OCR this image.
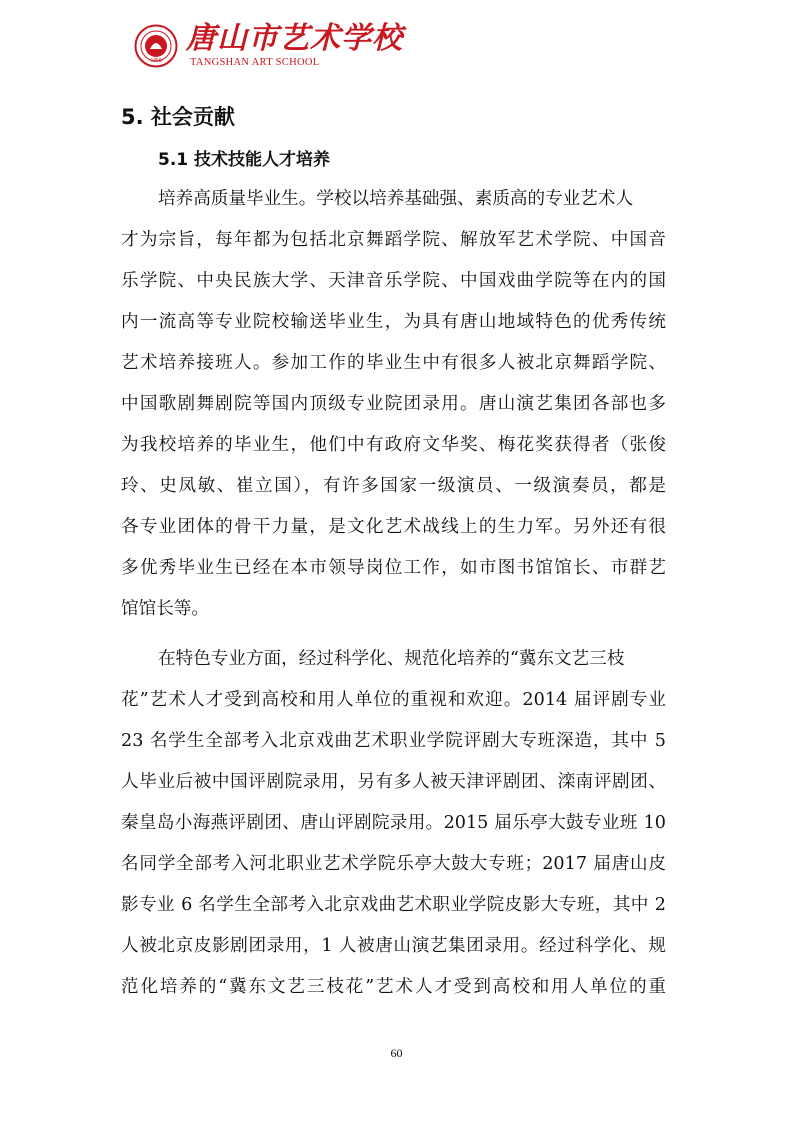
1958
唐山市艺术学校
TANGSHAN ART SCHOOL
5. 社会贡献
5.1 技术技能人才培养
培养高质量毕业生。学校以培养基础强、素质高的专业艺术人
才为宗旨，每年都为包括北京舞蹈学院、解放军艺术学院、中国音
乐学院、中央民族大学、天津音乐学院、中国戏曲学院等在内的国
内一流高等专业院校输送毕业生，为具有唐山地域特色的优秀传统
艺术培养接班人。参加工作的毕业生中有很多人被北京舞蹈学院、
中国歌剧舞剧院等国内顶级专业院团录用。唐山演艺集团各部也多
为我校培养的毕业生，他们中有政府文华奖、梅花奖获得者（张俊
玲、史凤敏、崔立国），有许多国家一级演员、一级演奏员，都是
各专业团体的骨干力量，是文化艺术战线上的生力军。另外还有很
多优秀毕业生已经在本市领导岗位工作，如市图书馆馆长、市群艺
馆馆长等。
在特色专业方面，经过科学化、规范化培养的“冀东文艺三枝
花”艺术人才受到高校和用人单位的重视和欢迎。2014 届评剧专业
23 名学生全部考入北京戏曲艺术职业学院评剧大专班深造，其中 5
人毕业后被中国评剧院录用，另有多人被天津评剧团、滦南评剧团、
秦皇岛小海燕评剧团、唐山评剧院录用。2015 届乐亭大鼓专业班 10
名同学全部考入河北职业艺术学院乐亭大鼓大专班；2017 届唐山皮
影专业 6 名学生全部考入北京戏曲艺术职业学院皮影大专班，其中 2
人被北京皮影剧团录用，1 人被唐山演艺集团录用。经过科学化、规
范化培养的“冀东文艺三枝花”艺术人才受到高校和用人单位的重
60
